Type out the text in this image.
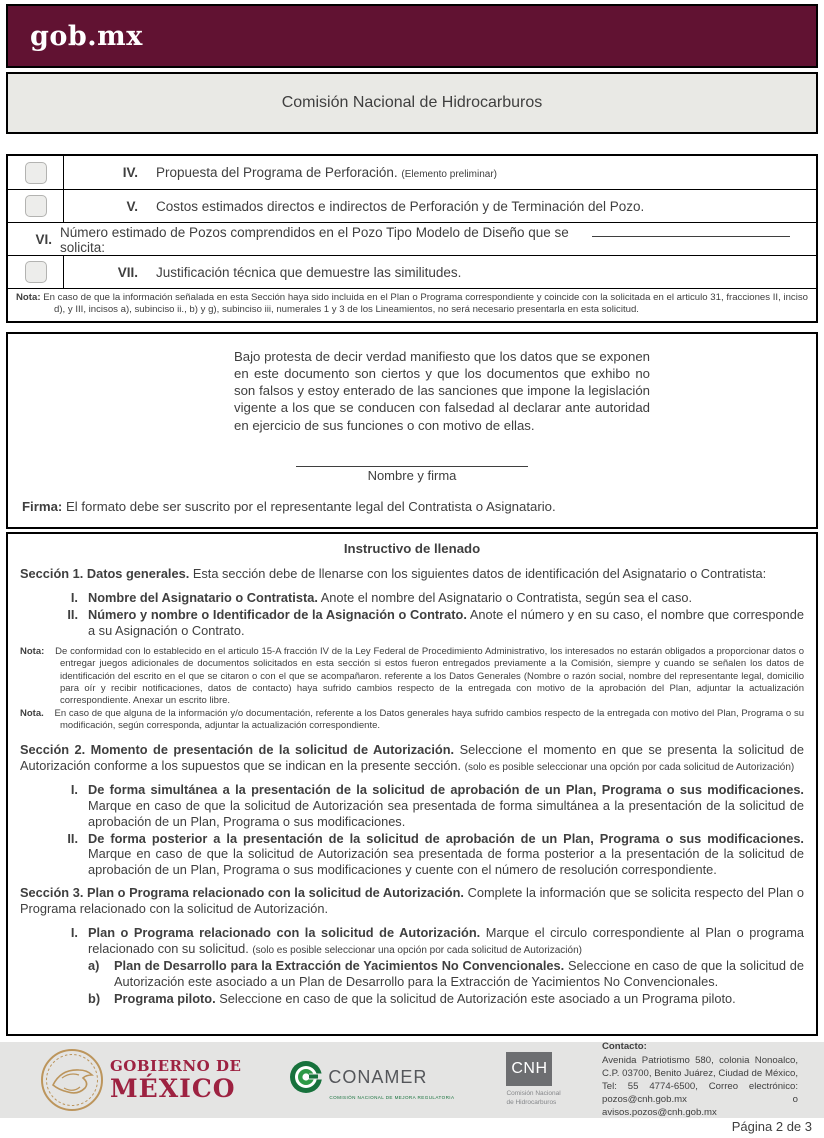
gob.mx
Comisión Nacional de Hidrocarburos
IV.	Propuesta del Programa de Perforación. (Elemento preliminar)
V.	Costos estimados directos e indirectos de Perforación y de Terminación del Pozo.
VI. Número estimado de Pozos comprendidos en el Pozo Tipo Modelo de Diseño que se solicita:
VII.	Justificación técnica que demuestre las similitudes.
Nota: En caso de que la información señalada en esta Sección haya sido incluida en el Plan o Programa correspondiente y coincide con la solicitada en el articulo 31, fracciones II, inciso d), y III, incisos a), subinciso ii., b) y g), subinciso iii, numerales 1 y 3 de los Lineamientos, no será necesario presentarla en esta solicitud.

Bajo protesta de decir verdad manifiesto que los datos que se exponen en este documento son ciertos y que los documentos que exhibo no son falsos y estoy enterado de las sanciones que impone la legislación vigente a los que se conducen con falsedad al declarar ante autoridad en ejercicio de sus funciones o con motivo de ellas.

Nombre y firma

Firma: El formato debe ser suscrito por el representante legal del Contratista o Asignatario.

Instructivo de llenado

Sección 1. Datos generales. Esta sección debe de llenarse con los siguientes datos de identificación del Asignatario o Contratista:

I. Nombre del Asignatario o Contratista. Anote el nombre del Asignatario o Contratista, según sea el caso.
II. Número y nombre o Identificador de la Asignación o Contrato. Anote el número y en su caso, el nombre que corresponde a su Asignación o Contrato.
Nota: De conformidad con lo establecido en el articulo 15-A fracción IV de la Ley Federal de Procedimiento Administrativo, los interesados no estarán obligados a proporcionar datos o entregar juegos adicionales de documentos solicitados en esta sección si estos fueron entregados previamente a la Comisión, siempre y cuando se señalen los datos de identificación del escrito en el que se citaron o con el que se acompañaron. referente a los Datos Generales (Nombre o razón social, nombre del representante legal, domicilio para oír y recibir notificaciones, datos de contacto) haya sufrido cambios respecto de la entregada con motivo de la aprobación del Plan, adjuntar la actualización correspondiente. Anexar un escrito libre.
Nota. En caso de que alguna de la información y/o documentación, referente a los Datos generales haya sufrido cambios respecto de la entregada con motivo del Plan, Programa o su modificación, según corresponda, adjuntar la actualización correspondiente.

Sección 2. Momento de presentación de la solicitud de Autorización. Seleccione el momento en que se presenta la solicitud de Autorización conforme a los supuestos que se indican en la presente sección. (solo es posible seleccionar una opción por cada solicitud de Autorización)

I. De forma simultánea a la presentación de la solicitud de aprobación de un Plan, Programa o sus modificaciones. Marque en caso de que la solicitud de Autorización sea presentada de forma simultánea a la presentación de la solicitud de aprobación de un Plan, Programa o sus modificaciones.
II. De forma posterior a la presentación de la solicitud de aprobación de un Plan, Programa o sus modificaciones. Marque en caso de que la solicitud de Autorización sea presentada de forma posterior a la presentación de la solicitud de aprobación de un Plan, Programa o sus modificaciones y cuente con el número de resolución correspondiente.

Sección 3. Plan o Programa relacionado con la solicitud de Autorización. Complete la información que se solicita respecto del Plan o Programa relacionado con la solicitud de Autorización.

I. Plan o Programa relacionado con la solicitud de Autorización. Marque el circulo correspondiente al Plan o programa relacionado con su solicitud. (solo es posible seleccionar una opción por cada solicitud de Autorización)
a)	Plan de Desarrollo para la Extracción de Yacimientos No Convencionales. Seleccione en caso de que la solicitud de Autorización este asociado a un Plan de Desarrollo para la Extracción de Yacimientos No Convencionales.
b)	Programa piloto. Seleccione en caso de que la solicitud de Autorización este asociado a un Programa piloto.
GOBIERNO DE
MÉXICO	CONAMER
COMISIÓN NACIONAL DE MEJORA REGULATORIA
CNH
Comisión Nacional
de Hidrocarburos
Contacto:
Avenida Patriotismo 580, colonia Nonoalco, C.P. 03700, Benito Juárez, Ciudad de México, Tel: 55 4774-6500, Correo electrónico: pozos@cnh.gob.mx o avisos.pozos@cnh.gob.mx
Página 2 de 3
